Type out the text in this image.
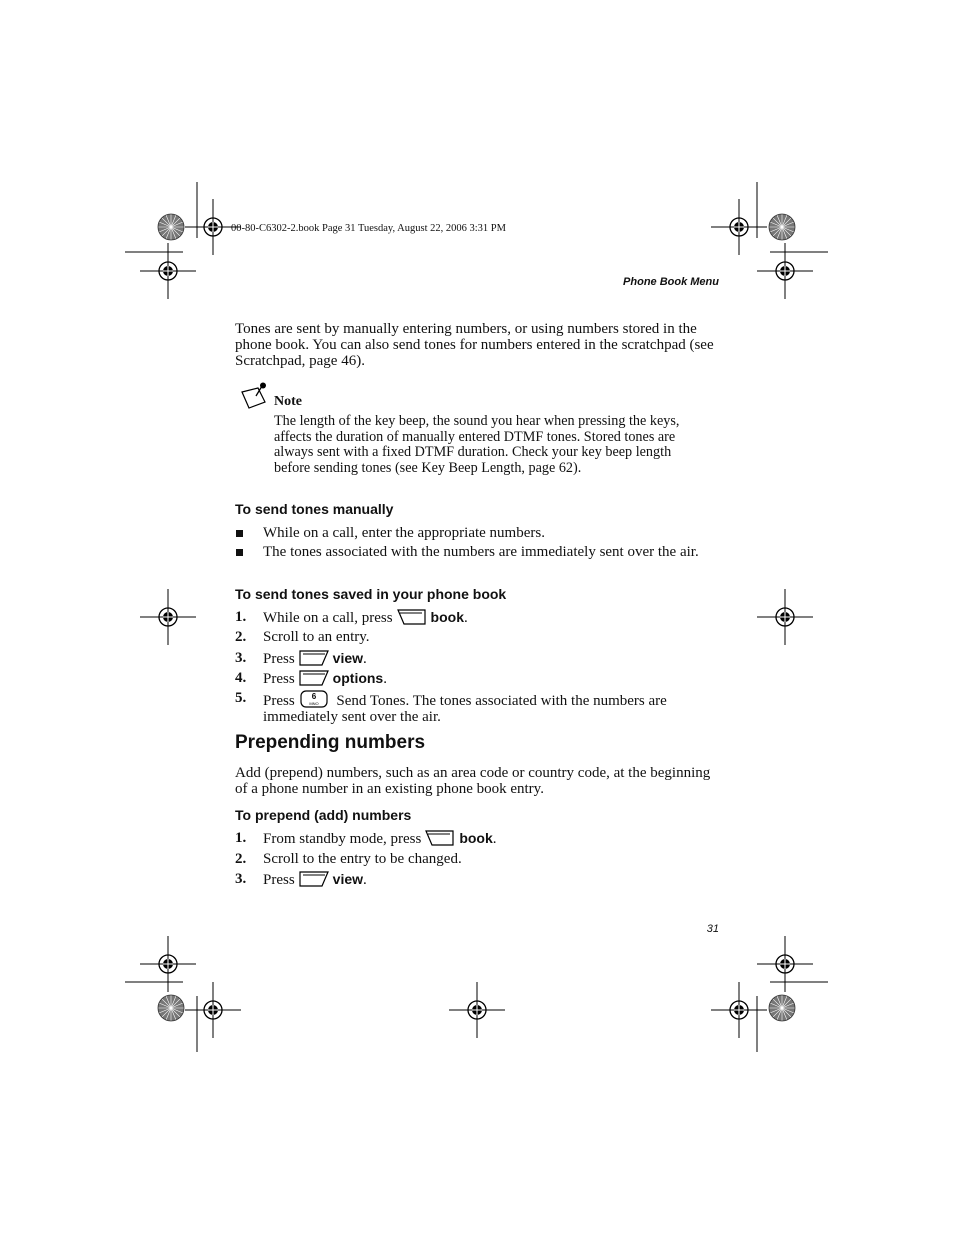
00-80-C6302-2.book Page 31 Tuesday, August 22, 2006 3:31 PM
Phone Book Menu
Tones are sent by manually entering numbers, or using numbers stored in the phone book. You can also send tones for numbers entered in the scratchpad (see Scratchpad, page 46).
Note
The length of the key beep, the sound you hear when pressing the keys, affects the duration of manually entered DTMF tones. Stored tones are always sent with a fixed DTMF duration. Check your key beep length before sending tones (see Key Beep Length, page 62).
To send tones manually
While on a call, enter the appropriate numbers.
The tones associated with the numbers are immediately sent over the air.
To send tones saved in your phone book
1. While on a call, press	book.
2. Scroll to an entry.
3. Press	view.
4. Press	options.
5. Press 6
MNO Send Tones. The tones associated with the numbers are immediately sent over the air.
Prepending numbers
Add (prepend) numbers, such as an area code or country code, at the beginning of a phone number in an existing phone book entry.
To prepend (add) numbers
1. From standby mode, press	book.
2. Scroll to the entry to be changed.
3. Press	view.
31
